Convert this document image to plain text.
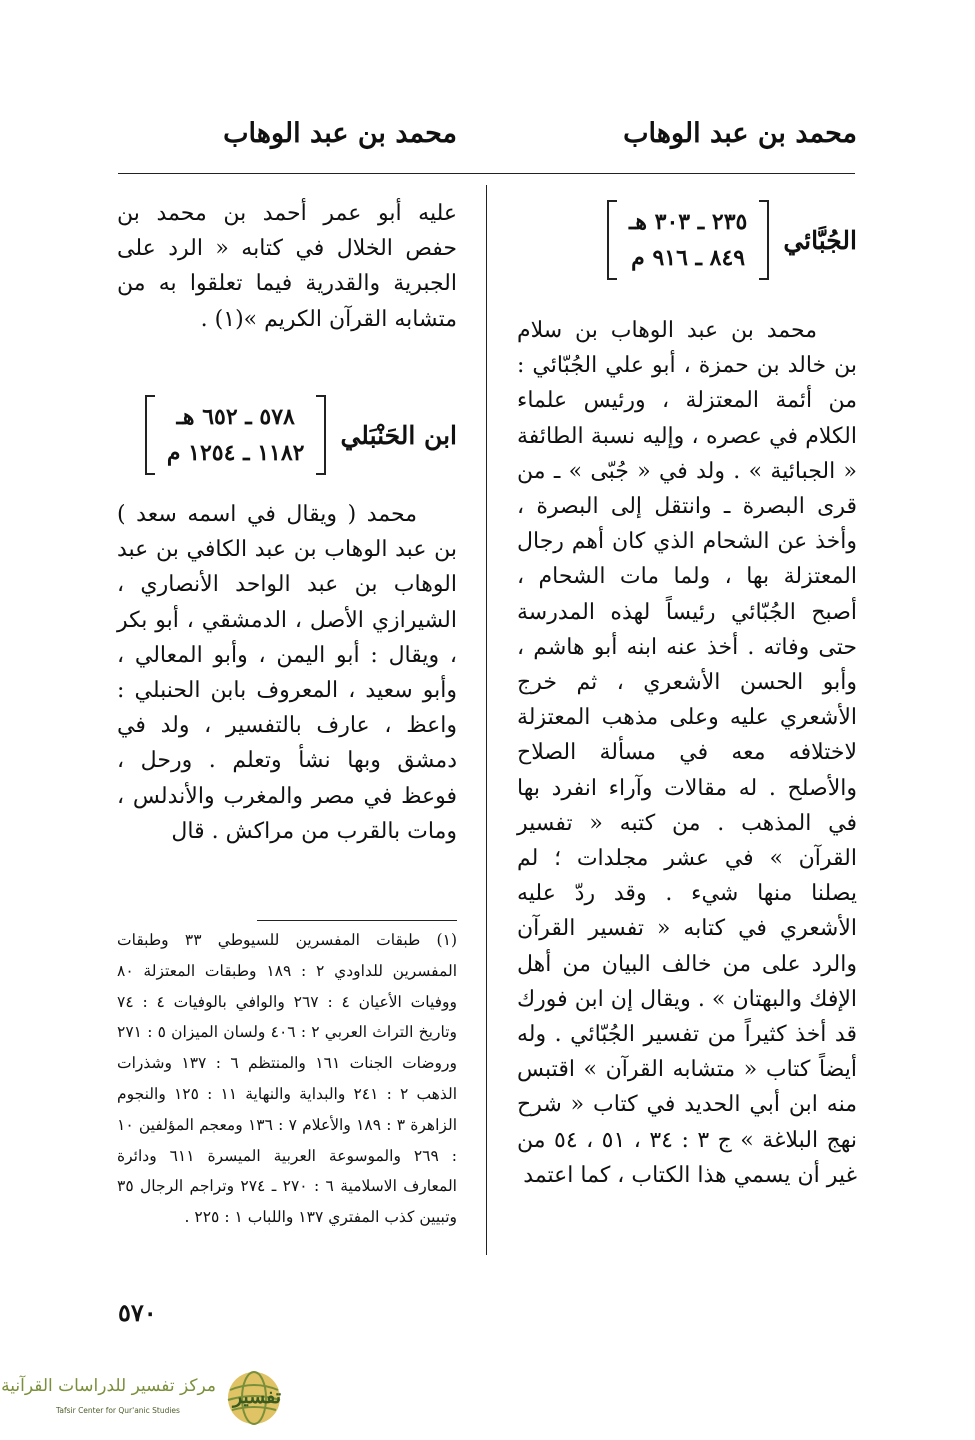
محمد بن عبد الوهاب
محمد بن عبد الوهاب
الجُبَّائي
٢٣٥ ـ ٣٠٣ هـ
٨٤٩ ـ ٩١٦ م

محمد بن عبد الوهاب بن سلام بن خالد بن حمزة ، أبو علي الجُبّائي : من أئمة المعتزلة ، ورئيس علماء الكلام في عصره ، وإليه نسبة الطائفة « الجبائية » . ولد في « جُبّى » ـ من قرى البصرة ـ وانتقل إلى البصرة ، وأخذ عن الشحام الذي كان أهم رجال المعتزلة بها ، ولما مات الشحام ، أصبح الجُبّائي رئيساً لهذه المدرسة حتى وفاته . أخذ عنه ابنه أبو هاشم ، وأبو الحسن الأشعري ، ثم خرج الأشعري عليه وعلى مذهب المعتزلة لاختلافه معه في مسألة الصلاح والأصلح . له مقالات وآراء انفرد بها في المذهب . من كتبه « تفسير القرآن » في عشر مجلدات ؛ لم يصلنا منها شيء . وقد ردّ عليه الأشعري في كتابه « تفسير القرآن والرد على من خالف البيان من أهل الإفك والبهتان » . ويقال إن ابن فورك قد أخذ كثيراً من تفسير الجُبّائي . وله أيضاً كتاب « متشابه القرآن » اقتبس منه ابن أبي الحديد في كتاب « شرح نهج البلاغة » ج ٣ : ٣٤ ، ٥١ ، ٥٤ من غير أن يسمي هذا الكتاب ، كما اعتمد

عليه أبو عمر أحمد بن محمد بن حفص الخلال في كتابه « الرد على الجبرية والقدرية فيما تعلقوا به من متشابه القرآن الكريم »(١) .

ابن الحَنْبَلي
٥٧٨ ـ ٦٥٢ هـ
١١٨٢ ـ ١٢٥٤ م

محمد ( ويقال في اسمه سعد ) بن عبد الوهاب بن عبد الكافي بن عبد الوهاب بن عبد الواحد الأنصاري ، الشيرازي الأصل ، الدمشقي ، أبو بكر ، ويقال : أبو اليمن ، وأبو المعالي ، وأبو سعيد ، المعروف بابن الحنبلي : واعظ ، عارف بالتفسير ، ولد في دمشق وبها نشأ وتعلم . ورحل ، فوعظ في مصر والمغرب والأندلس ، ومات بالقرب من مراكش . قال

(١) طبقات المفسرين للسيوطي ٣٣ وطبقات المفسرين للداودي ٢ : ١٨٩ وطبقات المعتزلة ٨٠ ووفيات الأعيان ٤ : ٢٦٧ والوافي بالوفيات ٤ : ٧٤ وتاريخ التراث العربي ٢ : ٤٠٦ ولسان الميزان ٥ : ٢٧١ وروضات الجنات ١٦١ والمنتظم ٦ : ١٣٧ وشذرات الذهب ٢ : ٢٤١ والبداية والنهاية ١١ : ١٢٥ والنجوم الزاهرة ٣ : ١٨٩ والأعلام ٧ : ١٣٦ ومعجم المؤلفين ١٠ : ٢٦٩ والموسوعة العربية الميسرة ٦١١ ودائرة المعارف الاسلامية ٦ : ٢٧٠ ـ ٢٧٤ وتراجم الرجال ٣٥ وتبيين كذب المفتري ١٣٧ واللباب ١ : ٢٢٥ .
٥٧٠
مركز تفسير للدراسات القرآنية
Tafsir Center for Qur'anic Studies
تفسير
